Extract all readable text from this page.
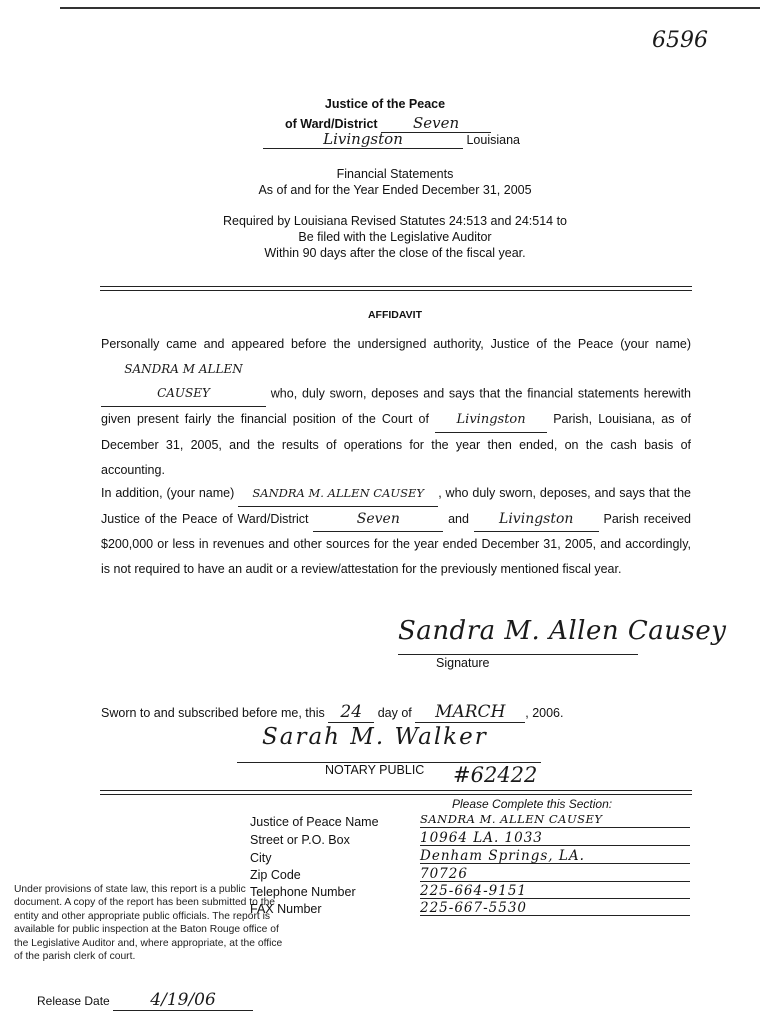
6596
Justice of the Peace
of Ward/District Seven
Livingston	Louisiana
Financial Statements
As of and for the Year Ended December 31, 2005
Required by Louisiana Revised Statutes 24:513 and 24:514 to
Be filed with the Legislative Auditor
Within 90 days after the close of the fiscal year.
AFFIDAVIT
Personally came and appeared before the undersigned authority, Justice of the Peace (your name) SANDRA M ALLEN CAUSEY	who, duly sworn, deposes and says that the financial statements herewith given present fairly the financial position of the Court of Livingston Parish, Louisiana, as of December 31, 2005, and the results of operations for the year then ended, on the cash basis of accounting.
In addition, (your name) SANDRA M. ALLEN CAUSEY , who duly sworn, deposes, and says that the Justice of the Peace of Ward/District	Seven	and Livingston Parish received $200,000 or less in revenues and other sources for the year ended December 31, 2005, and accordingly, is not required to have an audit or a review/attestation for the previously mentioned fiscal year.
Sandra M. Allen Causey
Signature
Sworn to and subscribed before me, this 24 day of MARCH , 2006.
Sarah M. Walker
NOTARY PUBLIC #62422
Please Complete this Section:
Justice of Peace Name	SANDRA M. ALLEN CAUSEY
Street or P.O. Box	10964 LA. 1033
City	Denham Springs, LA.
Zip Code	70726
Telephone Number	225-664-9151
FAX Number	225-667-5530
Under provisions of state law, this report is a public document. A copy of the report has been submitted to the entity and other appropriate public officials. The report is available for public inspection at the Baton Rouge office of the Legislative Auditor and, where appropriate, at the office of the parish clerk of court.
Release Date 4/19/06
